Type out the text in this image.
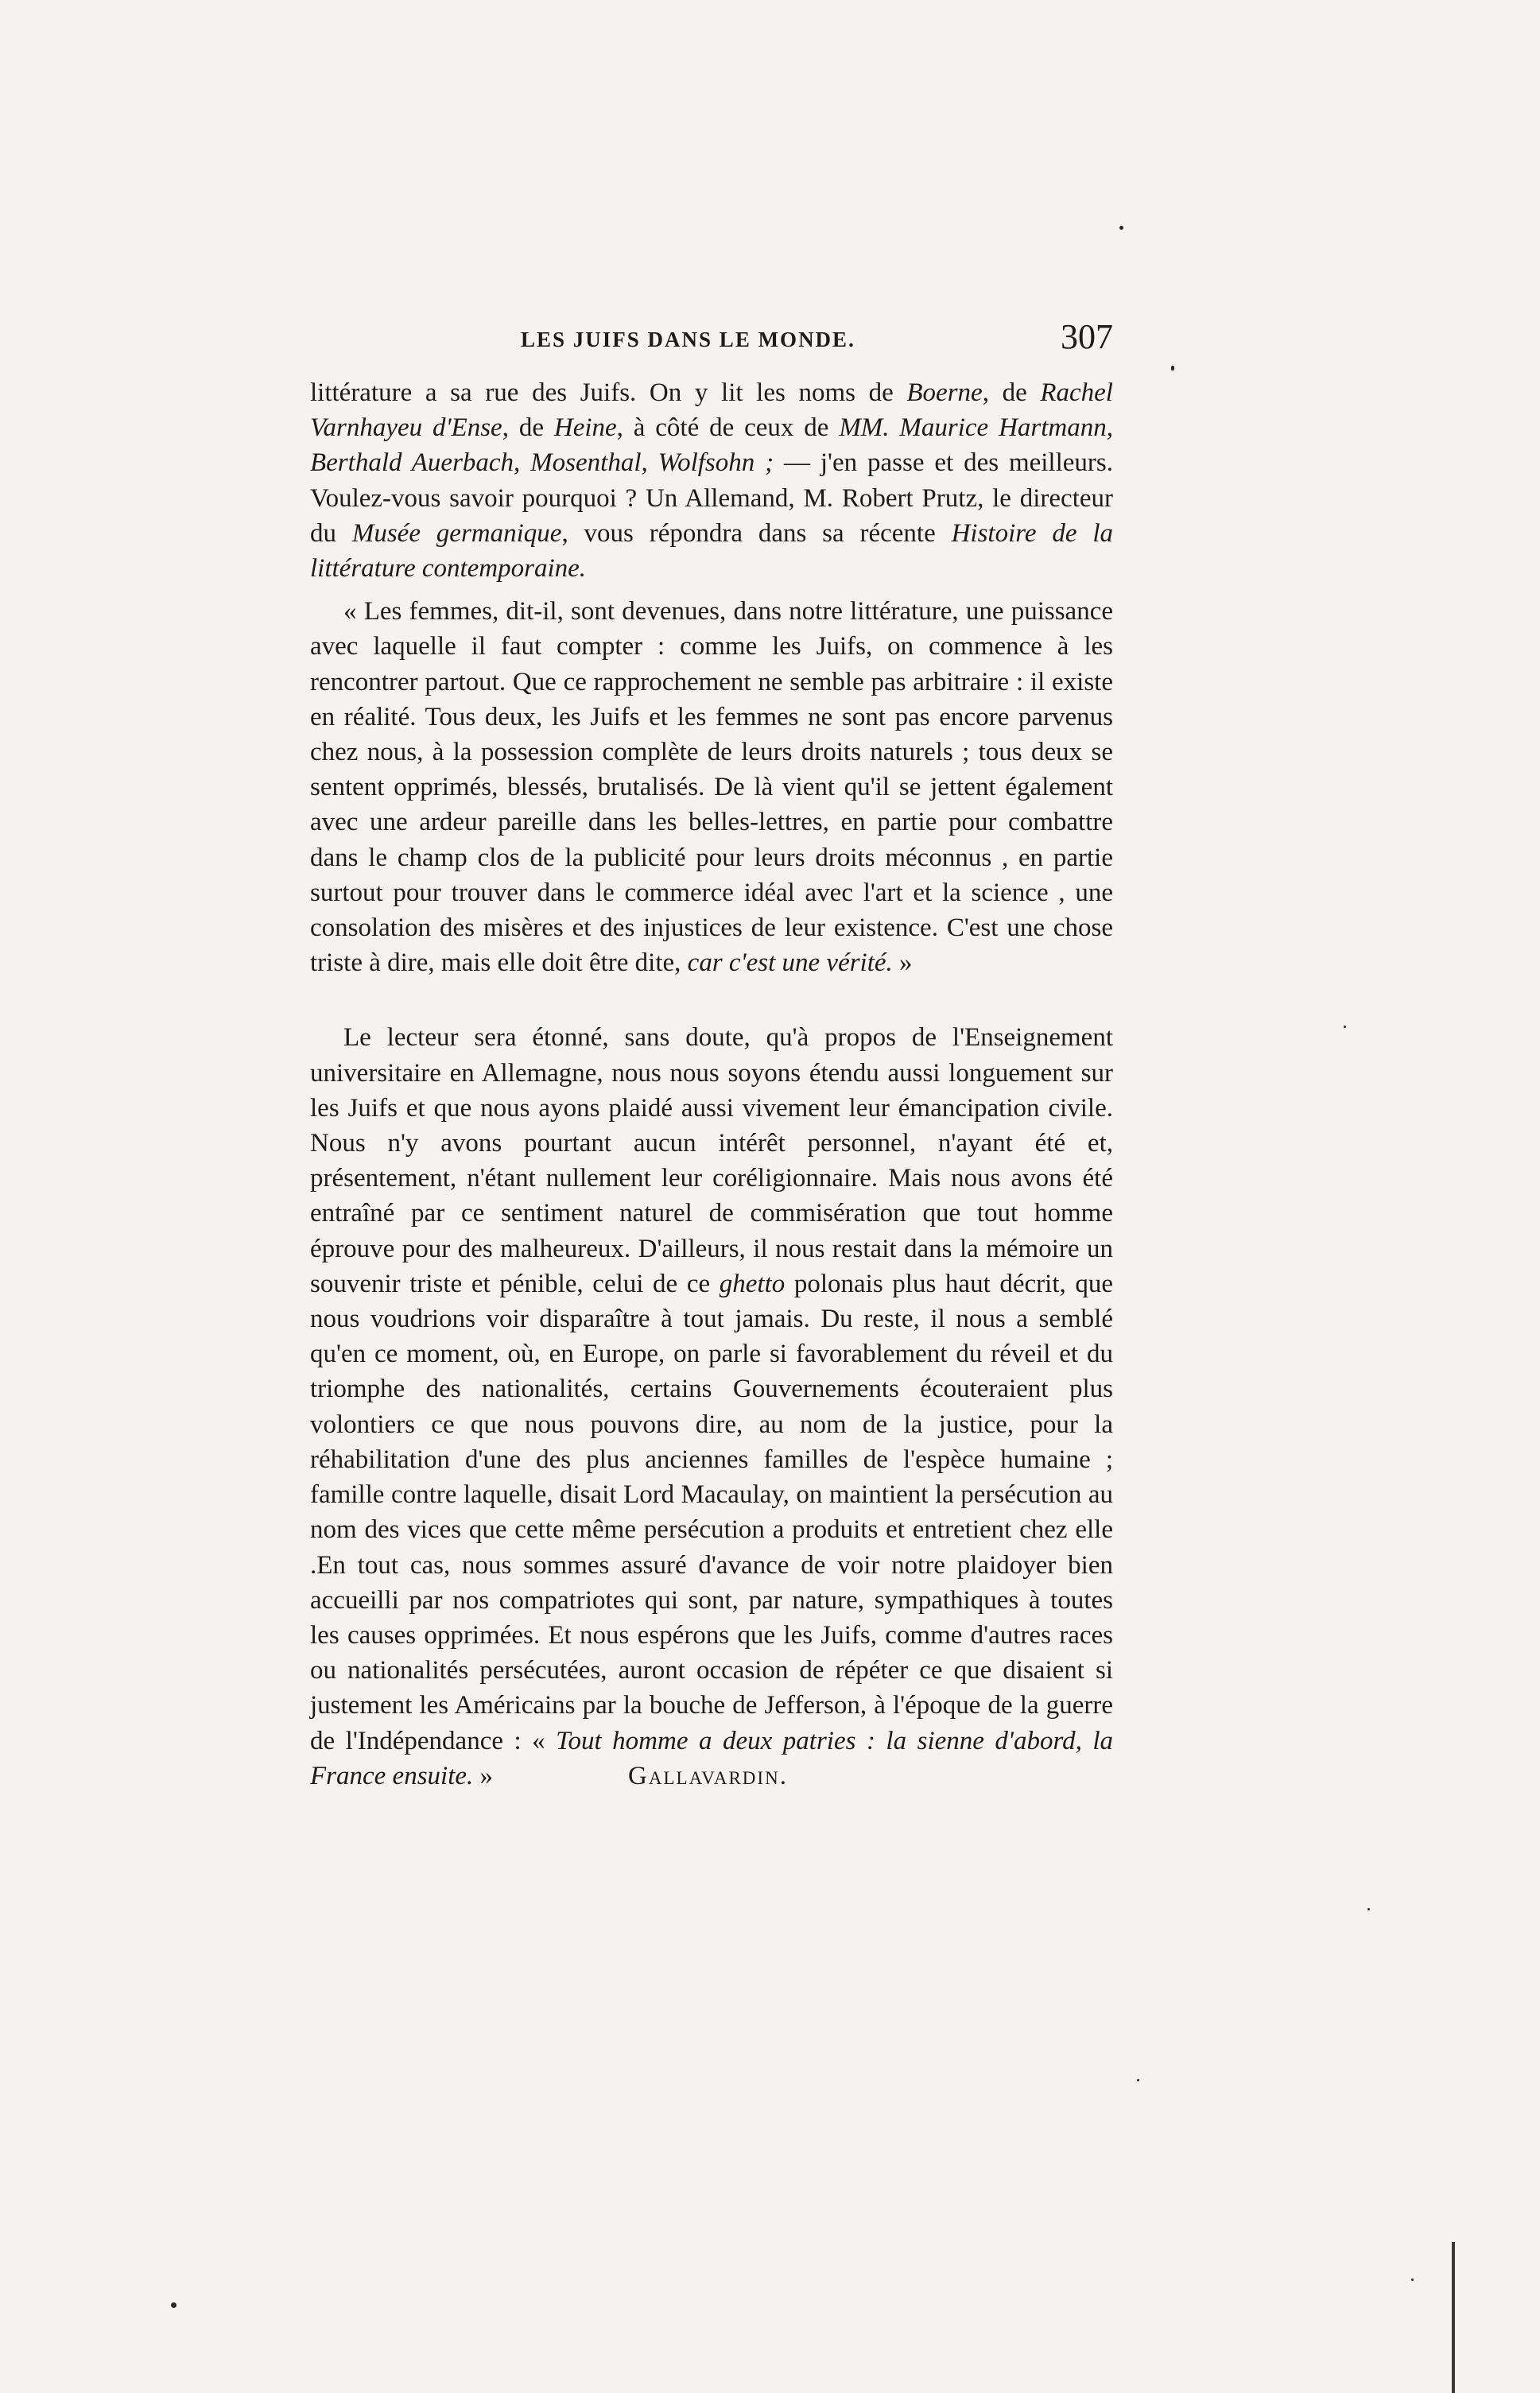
LES JUIFS DANS LE MONDE.	307

littérature a sa rue des Juifs. On y lit les noms de Boerne, de Rachel Varnhayeu d'Ense, de Heine, à côté de ceux de MM. Maurice Hartmann, Berthald Auerbach, Mosenthal, Wolfsohn ; — j'en passe et des meilleurs. Voulez-vous savoir pourquoi ? Un Allemand, M. Robert Prutz, le directeur du Musée germanique, vous répondra dans sa récente Histoire de la littérature contemporaine.

« Les femmes, dit-il, sont devenues, dans notre littérature, une puissance avec laquelle il faut compter : comme les Juifs, on commence à les rencontrer partout. Que ce rapprochement ne semble pas arbitraire : il existe en réalité. Tous deux, les Juifs et les femmes ne sont pas encore parvenus chez nous, à la possession complète de leurs droits naturels ; tous deux se sentent opprimés, blessés, brutalisés. De là vient qu'il se jettent également avec une ardeur pareille dans les belles-lettres, en partie pour combattre dans le champ clos de la publicité pour leurs droits méconnus , en partie surtout pour trouver dans le commerce idéal avec l'art et la science , une consolation des misères et des injustices de leur existence. C'est une chose triste à dire, mais elle doit être dite, car c'est une vérité. »

Le lecteur sera étonné, sans doute, qu'à propos de l'Enseignement universitaire en Allemagne, nous nous soyons étendu aussi longuement sur les Juifs et que nous ayons plaidé aussi vivement leur émancipation civile. Nous n'y avons pourtant aucun intérêt personnel, n'ayant été et, présentement, n'étant nullement leur coréligionnaire. Mais nous avons été entraîné par ce sentiment naturel de commisération que tout homme éprouve pour des malheureux. D'ailleurs, il nous restait dans la mémoire un souvenir triste et pénible, celui de ce ghetto polonais plus haut décrit, que nous voudrions voir disparaître à tout jamais. Du reste, il nous a semblé qu'en ce moment, où, en Europe, on parle si favorablement du réveil et du triomphe des nationalités, certains Gouvernements écouteraient plus volontiers ce que nous pouvons dire, au nom de la justice, pour la réhabilitation d'une des plus anciennes familles de l'espèce humaine ; famille contre laquelle, disait Lord Macaulay, on maintient la persécution au nom des vices que cette même persécution a produits et entretient chez elle .En tout cas, nous sommes assuré d'avance de voir notre plaidoyer bien accueilli par nos compatriotes qui sont, par nature, sympathiques à toutes les causes opprimées. Et nous espérons que les Juifs, comme d'autres races ou nationalités persécutées, auront occasion de répéter ce que disaient si justement les Américains par la bouche de Jefferson, à l'époque de la guerre de l'Indépendance : « Tout homme a deux patries : la sienne d'abord, la France ensuite. »	Gallavardin.
